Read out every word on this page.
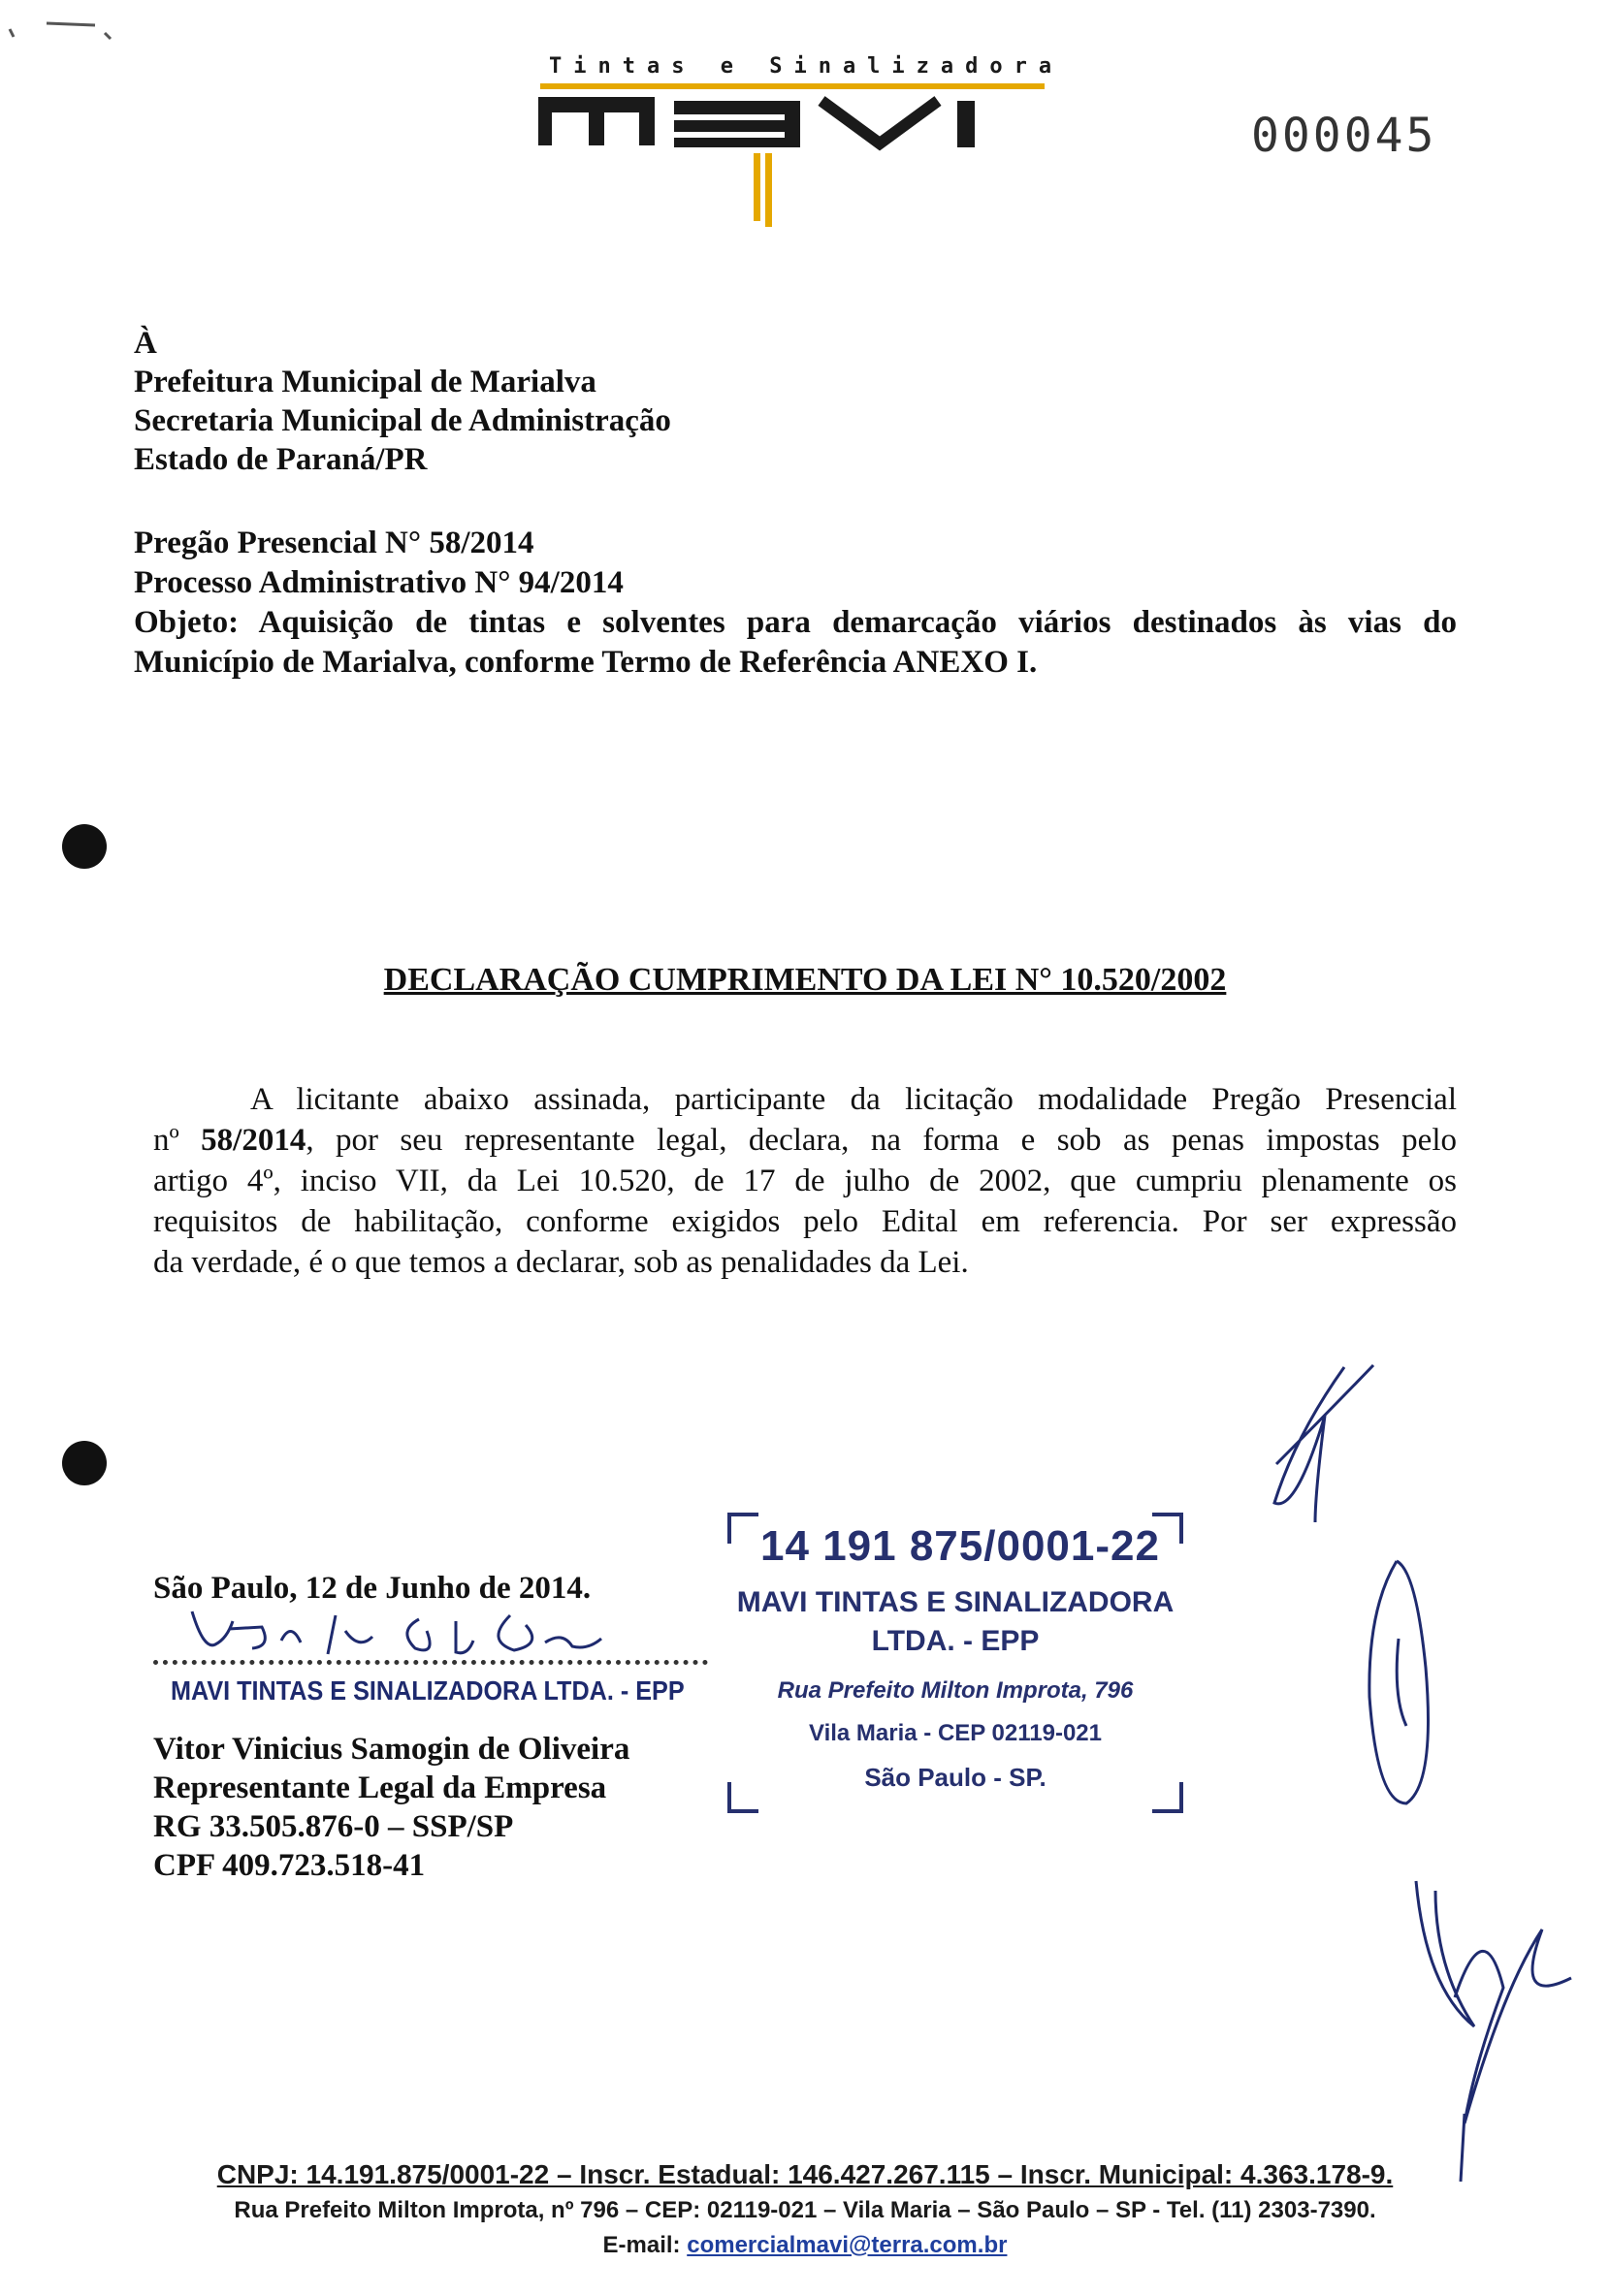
Tintas e Sinalizadora
000045
À
Prefeitura Municipal de Marialva
Secretaria Municipal de Administração
Estado de Paraná/PR
Pregão Presencial N° 58/2014
Processo Administrativo N° 94/2014
Objeto: Aquisição de tintas e solventes para demarcação viários destinados às vias do
Município de Marialva, conforme Termo de Referência ANEXO I.
DECLARAÇÃO CUMPRIMENTO DA LEI N° 10.520/2002
A licitante abaixo assinada, participante da licitação modalidade Pregão Presencial
nº 58/2014, por seu representante legal, declara, na forma e sob as penas impostas pelo
artigo 4º, inciso VII, da Lei 10.520, de 17 de julho de 2002, que cumpriu plenamente os
requisitos de habilitação, conforme exigidos pelo Edital em referencia. Por ser expressão
da verdade, é o que temos a declarar, sob as penalidades da Lei.
São Paulo, 12 de Junho de 2014.
MAVI TINTAS E SINALIZADORA LTDA. - EPP
Vitor Vinicius Samogin de Oliveira
Representante Legal da Empresa
RG 33.505.876-0 – SSP/SP
CPF 409.723.518-41
14 191 875/0001-22
MAVI TINTAS E SINALIZADORA
LTDA. - EPP
Rua Prefeito Milton Improta, 796
Vila Maria - CEP 02119-021
São Paulo - SP.
CNPJ: 14.191.875/0001-22 – Inscr. Estadual: 146.427.267.115 – Inscr. Municipal: 4.363.178-9.
Rua Prefeito Milton Improta, nº 796 – CEP: 02119-021 – Vila Maria – São Paulo – SP - Tel. (11) 2303-7390.
E-mail: comercialmavi@terra.com.br
